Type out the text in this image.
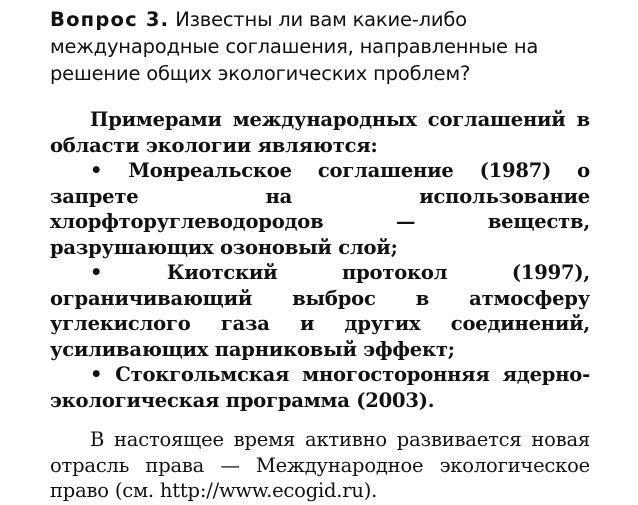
Вопрос 3. Известны ли вам какие-либо международные соглашения, направленные на решение общих экологических проблем?

Примерами международных соглашений в области экологии являются:

• Монреальское соглашение (1987) о запрете на использование хлорфторуглеводородов — веществ, разрушающих озоновый слой;

•	Киотский протокол (1997), ограничивающий выброс в атмосферу углекислого газа и других соединений, усиливающих парниковый эффект;

• Стокгольмская многосторонняя ядерно-экологическая программа (2003).

В настоящее время активно развивается новая отрасль права — Международное экологическое право (см. http://www.ecogid.ru).
